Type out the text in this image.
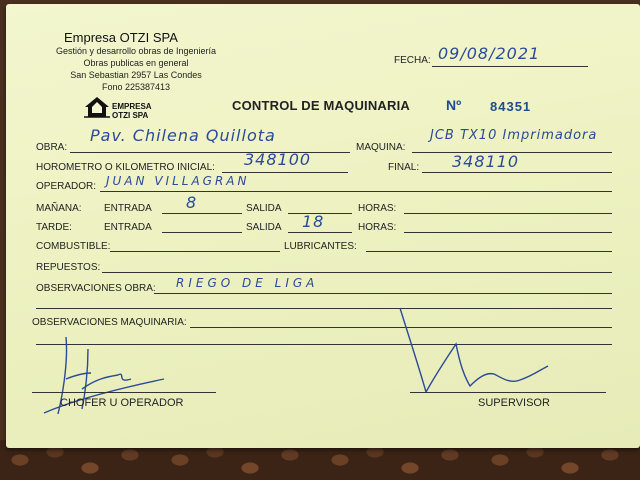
Empresa OTZI SPA
Gestión y desarrollo obras de Ingeniería
Obras publicas en general
San Sebastian 2957 Las Condes
Fono 225387413
EMPRESA
OTZI SPA
FECHA: 09/08/2021
CONTROL DE MAQUINARIA	Nº 84351
OBRA:
Pav. Chilena Quillota
MAQUINA:
JCB TX10 Imprimadora
HOROMETRO O KILOMETRO INICIAL: 348100	FINAL: 348110
OPERADOR: JUAN VILLAGRAN
MAÑANA: ENTRADA 8	SALIDA	HORAS:
TARDE:	ENTRADA	SALIDA 18	HORAS:
COMBUSTIBLE:	LUBRICANTES:
REPUESTOS:
OBSERVACIONES OBRA: RIEGO DE LIGA
OBSERVACIONES MAQUINARIA:
CHOFER U OPERADOR	SUPERVISOR
